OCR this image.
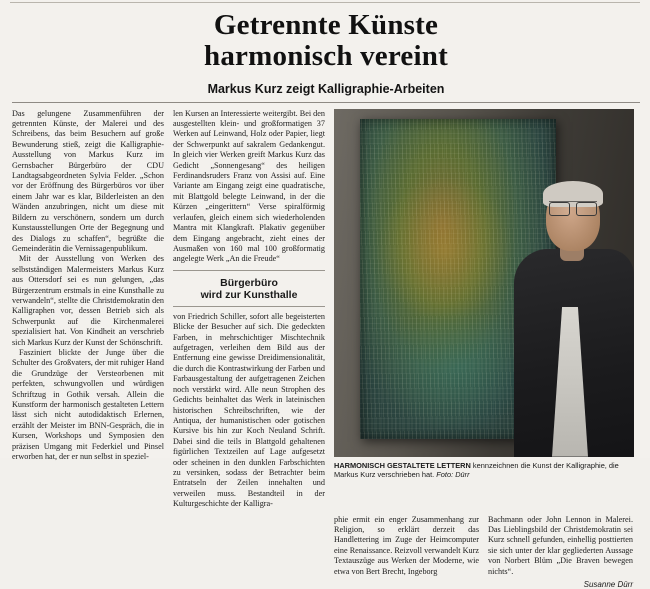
Getrennte Künste
harmonisch vereint
Markus Kurz zeigt Kalligraphie-Arbeiten

Das gelungene Zusammenführen der getrennten Künste, der Malerei und des Schreibens, das beim Besuchern auf große Bewunderung stieß, zeigt die Kalligraphie-Ausstellung von Markus Kurz im Gernsbacher Bürgerbüro der CDU Landtagsabgeordneten Sylvia Felder. „Schon vor der Eröffnung des Bürgerbüros vor über einem Jahr war es klar, Bilderleisten an den Wänden anzubringen, nicht um diese mit Bildern zu verschönern, sondern um durch Kunstausstellungen Orte der Begegnung und des Dialogs zu schaffen“, begrüßte die Gemeinderätin die Vernissagenpublikum.

Mit der Ausstellung von Werken des selbstständigen Malermeisters Markus Kurz aus Ottersdorf sei es nun gelungen, „das Bürgerzentrum erstmals in eine Kunsthalle zu verwandeln“, stellte die Christdemokratin den Kalligraphen vor, dessen Betrieb sich als Schwerpunkt auf die Kirchenmalerei spezialisiert hat. Von Kindheit an verschrieb sich Markus Kurz der Kunst der Schönschrift.

Fasziniert blickte der Junge über die Schulter des Großvaters, der mit ruhiger Hand die Grundzüge der Versteorbenen mit perfekten, schwungvollen und würdigen Schriftzug in Gothik versah. Allein die Kunstform der harmonisch gestalteten Lettern lässt sich nicht autodidaktisch Erlernen, erzählt der Meister im BNN-Gespräch, die in Kursen, Workshops und Symposien den präzisen Umgang mit Federkiel und Pinsel erworben hat, der er nun selbst in speziel-

len Kursen an Interessierte weitergibt. Bei den ausgestellten klein- und großformatigen 37 Werken auf Leinwand, Holz oder Papier, liegt der Schwerpunkt auf sakralem Gedankengut. In gleich vier Werken greift Markus Kurz das Gedicht „Sonnengesang“ des heiligen Ferdinandsruders Franz von Assisi auf. Eine Variante am Eingang zeigt eine quadratische, mit Blattgold belegte Leinwand, in der die Kürzen „eingerittern“ Verse spiralförmig verlaufen, gleich einem sich wiederholenden Mantra mit Klangkraft. Plakativ gegenüber dem Eingang angebracht, zieht eines der Ausmaßen von 160 mal 100 großformatig angelegte Werk „An die Freude“

Bürgerbüro
wird zur Kunsthalle

von Friedrich Schiller, sofort alle begeisterten Blicke der Besucher auf sich. Die gedeckten Farben, in mehrschichtiger Mischtechnik aufgetragen, verleihen dem Bild aus der Entfernung eine gewisse Dreidimensionalität, die durch die Kontrastwirkung der Farben und Farbausgestaltung der aufgetragenen Zeichen noch verstärkt wird. Alle neun Strophen des Gedichts beinhaltet das Werk in lateinischen historischen Schreibschriften, wie der Antiqua, der humanistischen oder gotischen Kursive bis hin zur Koch Neuland Schrift. Dabei sind die teils in Blattgold gehaltenen figürlichen Textzeilen auf Lage aufgesetzt oder scheinen in den dunklen Farbschichten zu versinken, sodass der Betrachter beim Entratseln der Zeilen innehalten und verweilen muss. Bestandteil in der Kulturgeschichte der Kalligra-

HARMONISCH GESTALTETE LETTERN kennzeichnen die Kunst der Kalligraphie, die Markus Kurz verschrieben hat. Foto: Dürr

phie ermit ein enger Zusammenhang zur Religion, so erklärt derzeit das Handlettering im Zuge der Heimcomputer eine Renaissance. Reizvoll verwandelt Kurz Textauszüge aus Werken der Moderne, wie etwa von Bert Brecht, Ingeborg

Bachmann oder John Lennon in Malerei. Das Lieblingsbild der Christdemokratin sei Kurz schnell gefunden, einhellig posttierten sie sich unter der klar gegliederten Aussage von Norbert Blüm „Die Braven bewegen nichts“.

Susanne Dürr
